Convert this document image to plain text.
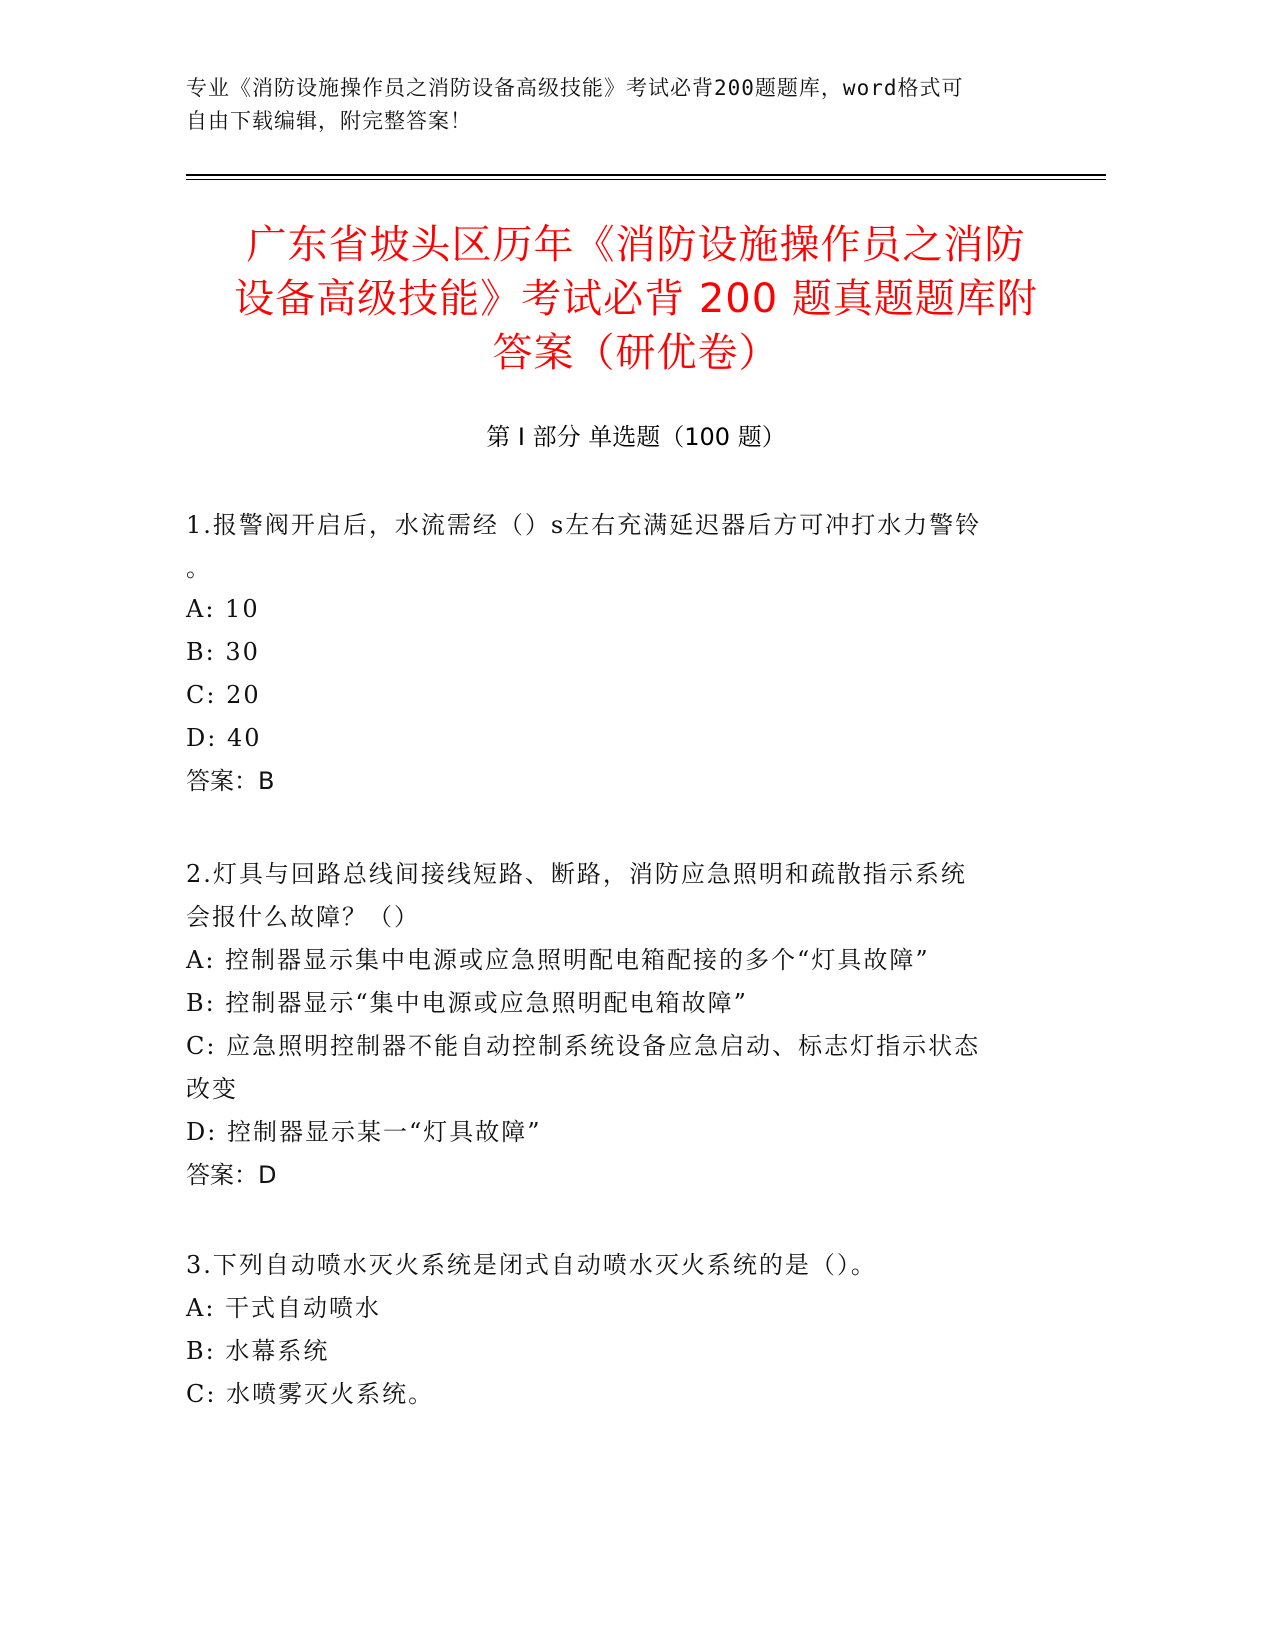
专业《消防设施操作员之消防设备高级技能》考试必背200题题库，word格式可
自由下载编辑，附完整答案！
广东省坡头区历年《消防设施操作员之消防
设备高级技能》考试必背 200 题真题题库附
答案（研优卷）
第 I 部分 单选题（100 题）

1.报警阀开启后，水流需经（）s左右充满延迟器后方可冲打水力警铃

。

A: 10

B: 30

C: 20

D: 40

答案：B

2.灯具与回路总线间接线短路、断路，消防应急照明和疏散指示系统

会报什么故障？（）

A: 控制器显示集中电源或应急照明配电箱配接的多个“灯具故障”

B: 控制器显示“集中电源或应急照明配电箱故障”

C: 应急照明控制器不能自动控制系统设备应急启动、标志灯指示状态

改变

D: 控制器显示某一“灯具故障”

答案：D

3.下列自动喷水灭火系统是闭式自动喷水灭火系统的是（）。

A: 干式自动喷水

B: 水幕系统

C: 水喷雾灭火系统。
